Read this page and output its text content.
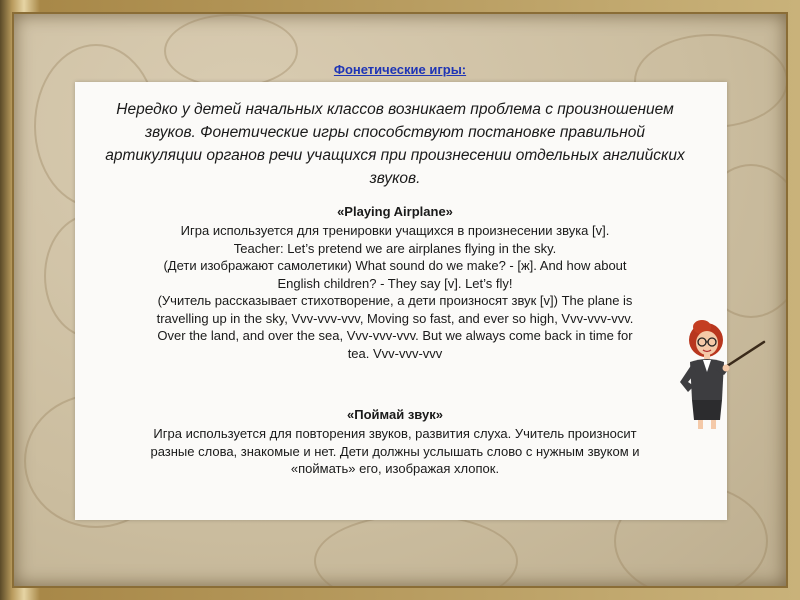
Фонетические игры:
Нередко у детей начальных классов возникает проблема с произношением звуков. Фонетические игры способствуют постановке правильной артикуляции органов речи учащихся при произнесении отдельных английских звуков.
«Playing Airplane»
Игра используется для тренировки учащихся в произнесении звука [v].
Teacher: Let’s pretend we are airplanes flying in the sky.
(Дети изображают самолетики) What sound do we make? - [ж]. And how about
English children? - They say [v]. Let’s fly!
(Учитель рассказывает стихотворение, а дети произносят звук [v]) The plane is
travelling up in the sky, Vvv-vvv-vvv, Moving so fast, and ever so high, Vvv-vvv-vvv.
Over the land, and over the sea, Vvv-vvv-vvv. But we always come back in time for
tea. Vvv-vvv-vvv
«Поймай звук»
Игра используется для повторения звуков, развития слуха. Учитель произносит
разные слова, знакомые и нет. Дети должны услышать слово с нужным звуком и
«поймать» его, изображая хлопок.
